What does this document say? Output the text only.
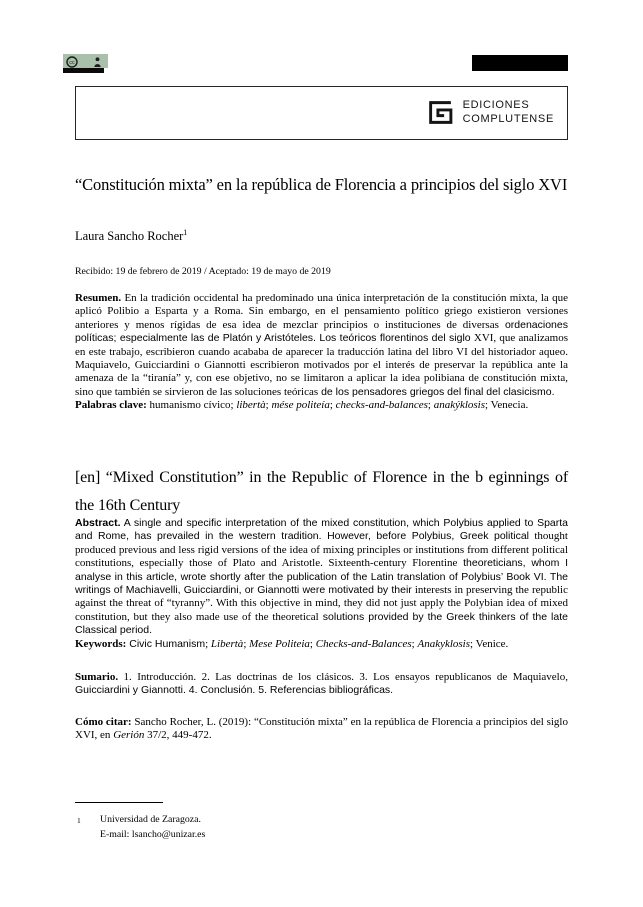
cc
EDICIONES
COMPLUTENSE
“Constitución mixta” en la república de Florencia a principios del siglo XVI
Laura Sancho Rocher$^1$
Recibido: 19 de febrero de 2019 / Aceptado: 19 de mayo de 2019

Resumen. En la tradición occidental ha predominado una única interpretación de la constitución mixta, la que aplicó Polibio a Esparta y a Roma. Sin embargo, en el pensamiento político griego existieron versiones anteriores y menos rígidas de esa idea de mezclar principios o instituciones de diversas ordenaciones políticas; especialmente las de Platón y Aristóteles. Los teóricos florentinos del siglo XVI, que analizamos en este trabajo, escribieron cuando acababa de aparecer la traducción latina del libro VI del historiador aqueo. Maquiavelo, Guicciardini o Giannotti escribieron motivados por el interés de preservar la república ante la amenaza de la “tiranía” y, con ese objetivo, no se limitaron a aplicar la idea polibiana de constitución mixta, sino que también se sirvieron de las soluciones teóricas de los pensadores griegos del final del clasicismo.

Palabras clave: humanismo cívico; libertà; mése politeía; checks-and-balances; anakýklosis; Venecia.

[en] “Mixed Constitution” in the Republic of Florence in the b eginnings of the 16th Century

Abstract. A single and specific interpretation of the mixed constitution, which Polybius applied to Sparta and Rome, has prevailed in the western tradition. However, before Polybius, Greek political thought produced previous and less rigid versions of the idea of mixing principles or institutions from different political constitutions, especially those of Plato and Aristotle. Sixteenth-century Florentine theoreticians, whom I analyse in this article, wrote shortly after the publication of the Latin translation of Polybius’ Book VI. The writings of Machiavelli, Guicciardini, or Giannotti were motivated by their interests in preserving the republic against the threat of “tyranny”. With this objective in mind, they did not just apply the Polybian idea of mixed constitution, but they also made use of the theoretical solutions provided by the Greek thinkers of the late Classical period.

Keywords: Civic Humanism; Libertà; Mese Politeia; Checks-and-Balances; Anakyklosis; Venice.

Sumario. 1. Introducción. 2. Las doctrinas de los clásicos. 3. Los ensayos republicanos de Maquiavelo, Guicciardini y Giannotti. 4. Conclusión. 5. Referencias bibliográficas.

Cómo citar: Sancho Rocher, L. (2019): “Constitución mixta” en la república de Florencia a principios del siglo XVI, en Gerión 37/2, 449-472.

1	Universidad de Zaragoza.
E-mail: lsancho@unizar.es
